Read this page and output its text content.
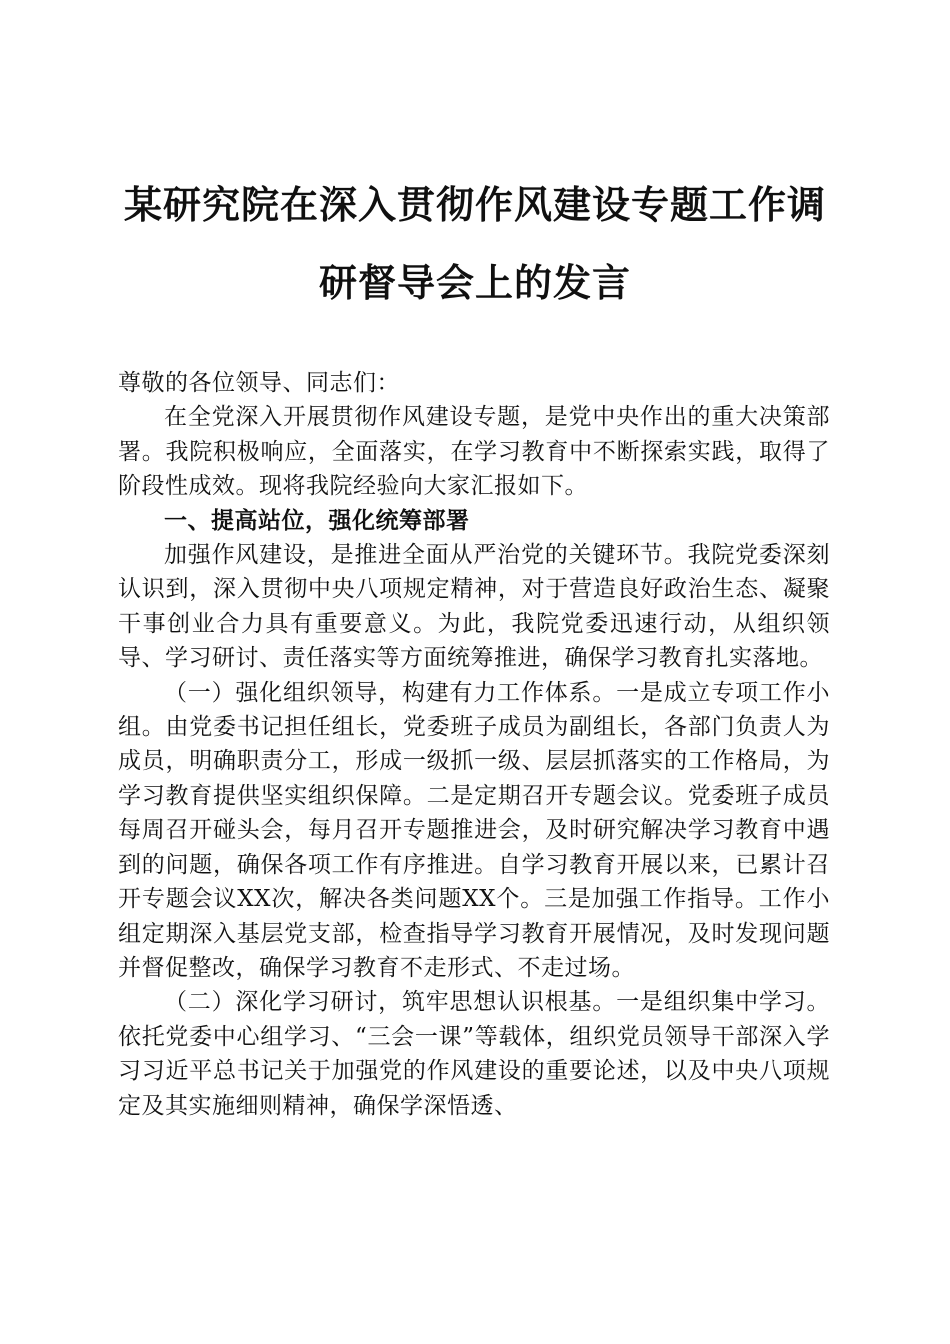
某研究院在深入贯彻作风建设专题工作调研督导会上的发言

尊敬的各位领导、同志们：

在全党深入开展贯彻作风建设专题，是党中央作出的重大决策部署。我院积极响应，全面落实，在学习教育中不断探索实践，取得了阶段性成效。现将我院经验向大家汇报如下。

一、提高站位，强化统筹部署

加强作风建设，是推进全面从严治党的关键环节。我院党委深刻认识到，深入贯彻中央八项规定精神，对于营造良好政治生态、凝聚干事创业合力具有重要意义。为此，我院党委迅速行动，从组织领导、学习研讨、责任落实等方面统筹推进，确保学习教育扎实落地。

（一）强化组织领导，构建有力工作体系。一是成立专项工作小组。由党委书记担任组长，党委班子成员为副组长，各部门负责人为成员，明确职责分工，形成一级抓一级、层层抓落实的工作格局，为学习教育提供坚实组织保障。二是定期召开专题会议。党委班子成员每周召开碰头会，每月召开专题推进会，及时研究解决学习教育中遇到的问题，确保各项工作有序推进。自学习教育开展以来，已累计召开专题会议XX次，解决各类问题XX个。三是加强工作指导。工作小组定期深入基层党支部，检查指导学习教育开展情况，及时发现问题并督促整改，确保学习教育不走形式、不走过场。

（二）深化学习研讨，筑牢思想认识根基。一是组织集中学习。依托党委中心组学习、“三会一课”等载体，组织党员领导干部深入学习习近平总书记关于加强党的作风建设的重要论述，以及中央八项规定及其实施细则精神，确保学深悟透、
